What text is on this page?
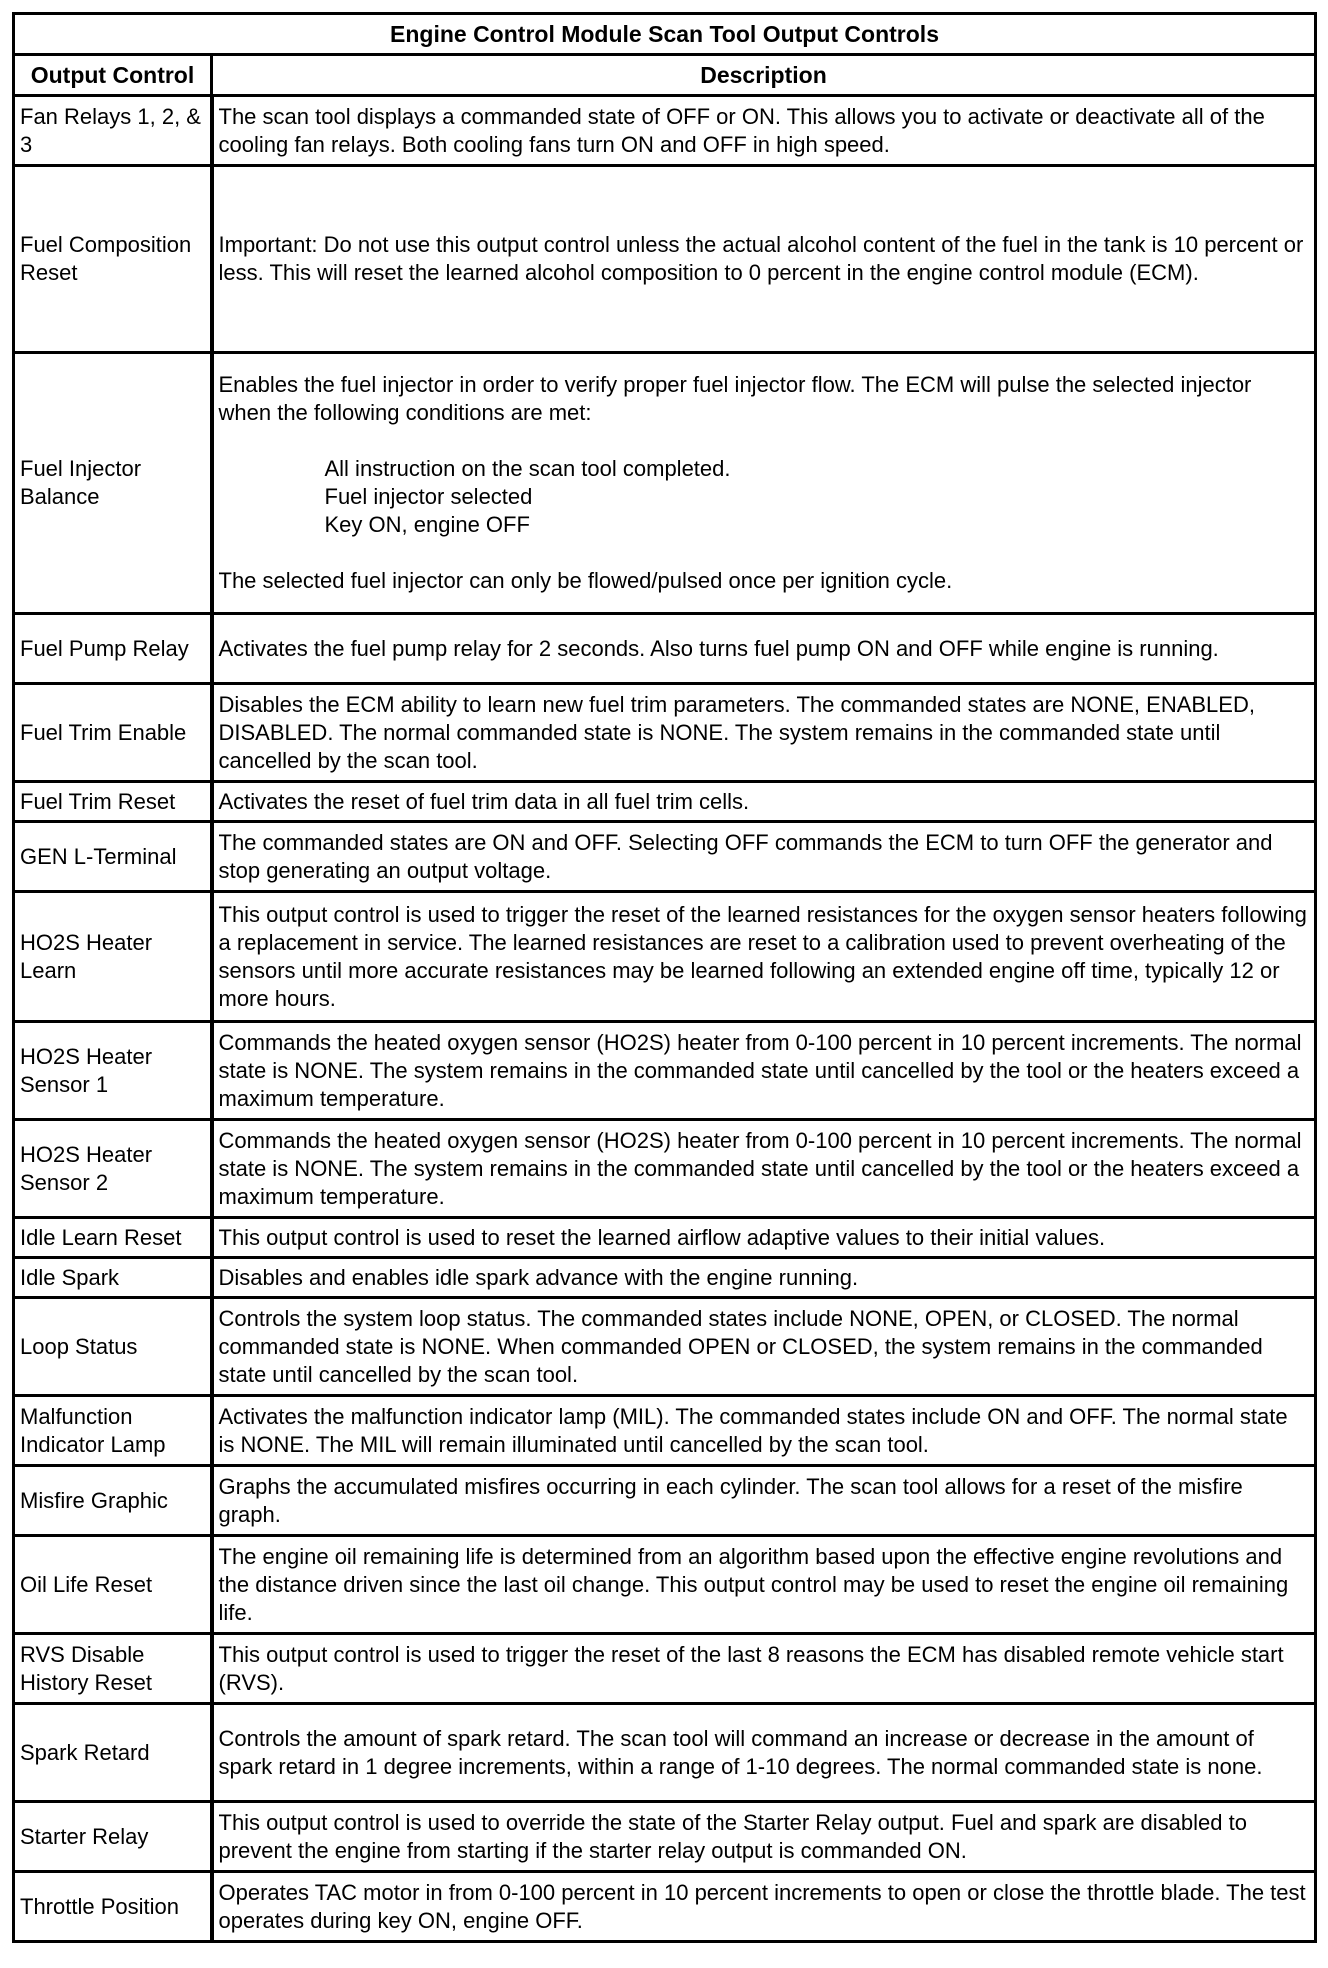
Engine Control Module Scan Tool Output Controls	
Output Control	Description
Fan Relays 1, 2, & 3	The scan tool displays a commanded state of OFF or ON. This allows you to activate or deactivate all of the cooling fan relays. Both cooling fans turn ON and OFF in high speed.
Fuel Composition Reset	Important: Do not use this output control unless the actual alcohol content of the fuel in the tank is 10 percent or less. This will reset the learned alcohol composition to 0 percent in the engine control module (ECM).
Fuel Injector Balance	Enables the fuel injector in order to verify proper fuel injector flow. The ECM will pulse the selected injector when the following conditions are met:
All instruction on the scan tool completed.
Fuel injector selected
Key ON, engine OFF
The selected fuel injector can only be flowed/pulsed once per ignition cycle.
Fuel Pump Relay	Activates the fuel pump relay for 2 seconds. Also turns fuel pump ON and OFF while engine is running.
Fuel Trim Enable	Disables the ECM ability to learn new fuel trim parameters. The commanded states are NONE, ENABLED, DISABLED. The normal commanded state is NONE. The system remains in the commanded state until cancelled by the scan tool.
Fuel Trim Reset	Activates the reset of fuel trim data in all fuel trim cells.
GEN L-Terminal	The commanded states are ON and OFF. Selecting OFF commands the ECM to turn OFF the generator and stop generating an output voltage.
HO2S Heater Learn	This output control is used to trigger the reset of the learned resistances for the oxygen sensor heaters following a replacement in service. The learned resistances are reset to a calibration used to prevent overheating of the sensors until more accurate resistances may be learned following an extended engine off time, typically 12 or more hours.
HO2S Heater Sensor 1	Commands the heated oxygen sensor (HO2S) heater from 0-100 percent in 10 percent increments. The normal state is NONE. The system remains in the commanded state until cancelled by the tool or the heaters exceed a maximum temperature.
HO2S Heater Sensor 2	Commands the heated oxygen sensor (HO2S) heater from 0-100 percent in 10 percent increments. The normal state is NONE. The system remains in the commanded state until cancelled by the tool or the heaters exceed a maximum temperature.
Idle Learn Reset	This output control is used to reset the learned airflow adaptive values to their initial values.
Idle Spark	Disables and enables idle spark advance with the engine running.
Loop Status	Controls the system loop status. The commanded states include NONE, OPEN, or CLOSED. The normal commanded state is NONE. When commanded OPEN or CLOSED, the system remains in the commanded state until cancelled by the scan tool.
Malfunction Indicator Lamp	Activates the malfunction indicator lamp (MIL). The commanded states include ON and OFF. The normal state is NONE. The MIL will remain illuminated until cancelled by the scan tool.
Misfire Graphic	Graphs the accumulated misfires occurring in each cylinder. The scan tool allows for a reset of the misfire graph.
Oil Life Reset	The engine oil remaining life is determined from an algorithm based upon the effective engine revolutions and the distance driven since the last oil change. This output control may be used to reset the engine oil remaining life.
RVS Disable History Reset	This output control is used to trigger the reset of the last 8 reasons the ECM has disabled remote vehicle start (RVS).
Spark Retard	Controls the amount of spark retard. The scan tool will command an increase or decrease in the amount of spark retard in 1 degree increments, within a range of 1-10 degrees. The normal commanded state is none.
Starter Relay	This output control is used to override the state of the Starter Relay output. Fuel and spark are disabled to prevent the engine from starting if the starter relay output is commanded ON.
Throttle Position	Operates TAC motor in from 0-100 percent in 10 percent increments to open or close the throttle blade. The test operates during key ON, engine OFF.
